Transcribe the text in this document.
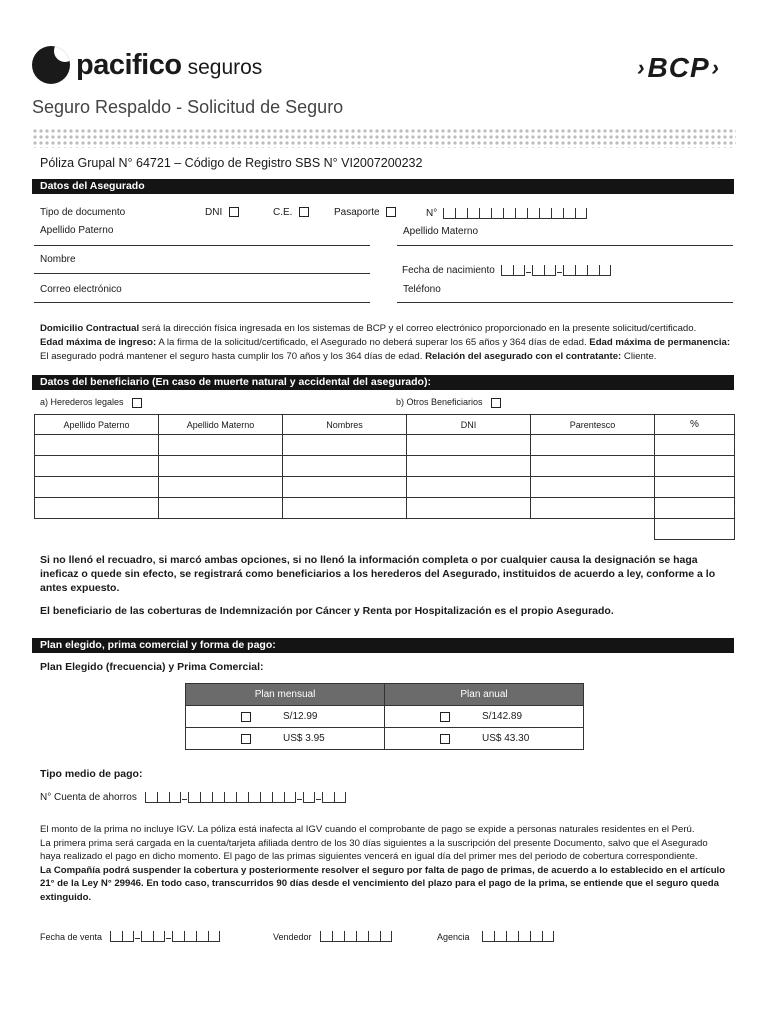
pacifico seguros	› BCP ›
Seguro Respaldo - Solicitud de Seguro
Póliza Grupal N° 64721 – Código de Registro SBS N° VI2007200232
Datos del Asegurado
Tipo de documento	DNI	C.E.	Pasaporte	N°
Apellido Paterno	Apellido Materno
Nombre
Fecha de nacimiento
Correo electrónico	Teléfono
Domicilio Contractual será la dirección física ingresada en los sistemas de BCP y el correo electrónico proporcionado en la presente solicitud/certificado.
Edad máxima de ingreso: A la firma de la solicitud/certificado, el Asegurado no deberá superar los 65 años y 364 días de edad. Edad máxima de permanencia:
El asegurado podrá mantener el seguro hasta cumplir los 70 años y los 364 días de edad. Relación del asegurado con el contratante: Cliente.
Datos del beneficiario (En caso de muerte natural y accidental del asegurado):
a) Herederos legales	b) Otros Beneficiarios
Apellido Paterno	Apellido Materno	Nombres	DNI	Parentesco	%

Si no llenó el recuadro, si marcó ambas opciones, si no llenó la información completa o por cualquier causa la designación se haga ineficaz o quede sin efecto, se registrará como beneficiarios a los herederos del Asegurado, instituidos de acuerdo a ley, conforme a lo antes expuesto.
El beneficiario de las coberturas de Indemnización por Cáncer y Renta por Hospitalización es el propio Asegurado.
Plan elegido, prima comercial y forma de pago:
Plan Elegido (frecuencia) y Prima Comercial:
Plan mensual	Plan anual

S/12.99	S/142.89

US$ 3.95	US$ 43.30
Tipo medio de pago:
N° Cuenta de ahorros
El monto de la prima no incluye IGV. La póliza está inafecta al IGV cuando el comprobante de pago se expide a personas naturales residentes en el Perú.
La primera prima será cargada en la cuenta/tarjeta afiliada dentro de los 30 días siguientes a la suscripción del presente Documento, salvo que el Asegurado
haya realizado el pago en dicho momento. El pago de las primas siguientes vencerá en igual día del primer mes del periodo de cobertura correspondiente.
La Compañía podrá suspender la cobertura y posteriormente resolver el seguro por falta de pago de primas, de acuerdo a lo establecido en el artículo 21° de la Ley N° 29946. En todo caso, transcurridos 90 días desde el vencimiento del plazo para el pago de la prima, se entiende que el seguro queda extinguido.
Fecha de venta	Vendedor	Agencia
